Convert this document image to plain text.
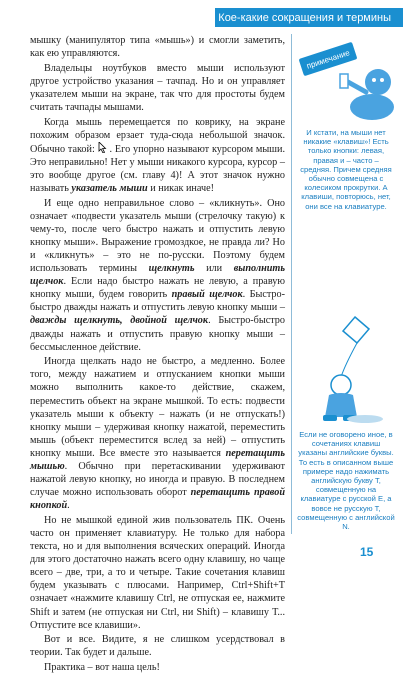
Кое-какие сокращения и термины

мышку (манипулятор типа «мышь») и смогли заметить, как ею управляются.

Владельцы ноутбуков вместо мыши используют другое устройство указания – тачпад. Но и он управляет указателем мыши на экране, так что для простоты будем считать тачпады мышами.

Когда мышь перемещается по коврику, на экране похожим образом ерзает туда-сюда небольшой значок. Обычно такой:  . Его упорно называют курсором мыши. Это неправильно! Нет у мыши никакого курсора, курсор – это вообще другое (см. главу 4)! А этот значок нужно называть указатель мыши и никак иначе!

И еще одно неправильное слово – «кликнуть». Оно означает «подвести указатель мыши (стрелочку такую) к чему-то, после чего быстро нажать и отпустить левую кнопку мыши». Выражение громоздкое, не правда ли? Но и «кликнуть» – это не по-русски. Поэтому будем использовать термины щелкнуть или выполнить щелчок. Если надо быстро нажать не левую, а правую кнопку мыши, будем говорить правый щелчок. Быстро-быстро дважды нажать и отпустить левую кнопку мыши – дважды щелкнуть, двойной щелчок. Быстро-быстро дважды нажать и отпустить правую кнопку мыши – бессмысленное действие.

Иногда щелкать надо не быстро, а медленно. Более того, между нажатием и отпусканием кнопки мыши можно выполнить какое-то действие, скажем, переместить объект на экране мышкой. То есть: подвести указатель мыши к объекту – нажать (и не отпускать!) кнопку мыши – удерживая кнопку нажатой, переместить мышь (объект переместится вслед за ней) – отпустить кнопку мыши. Все вместе это называется перетащить мышью. Обычно при перетаскивании удерживают нажатой левую кнопку, но иногда и правую. В последнем случае можно использовать оборот перетащить правой кнопкой.

Но не мышкой единой жив пользователь ПК. Очень часто он применяет клавиатуру. Не только для набора текста, но и для выполнения всяческих операций. Иногда для этого достаточно нажать всего одну клавишу, но чаще всего – две, три, а то и четыре. Такие сочетания клавиш будем указывать с плюсами. Например, Ctrl+Shift+T означает «нажмите клавишу Ctrl, не отпуская ее, нажмите Shift и затем (не отпуская ни Ctrl, ни Shift) – клавишу Т... Отпустите все клавиши».

Вот и все. Видите, я не слишком усердствовал в теории. Так будет и дальше.

Практика – вот наша цель!

примечание
И кстати, на мыши нет никакие «клавиш»! Есть только кнопки: левая, правая и – часто – средняя. Причем средняя обычно совмещена с колесиком прокрутки. А клавиши, повторюсь, нет, они все на клавиатуре.
Если не оговорено иное, в сочетаниях клавиш указаны английские буквы. То есть в описанном выше примере надо нажимать английскую букву Т, совмещенную на клавиатуре с русской Е, а вовсе не русскую Т, совмещенную с английской N.
15
